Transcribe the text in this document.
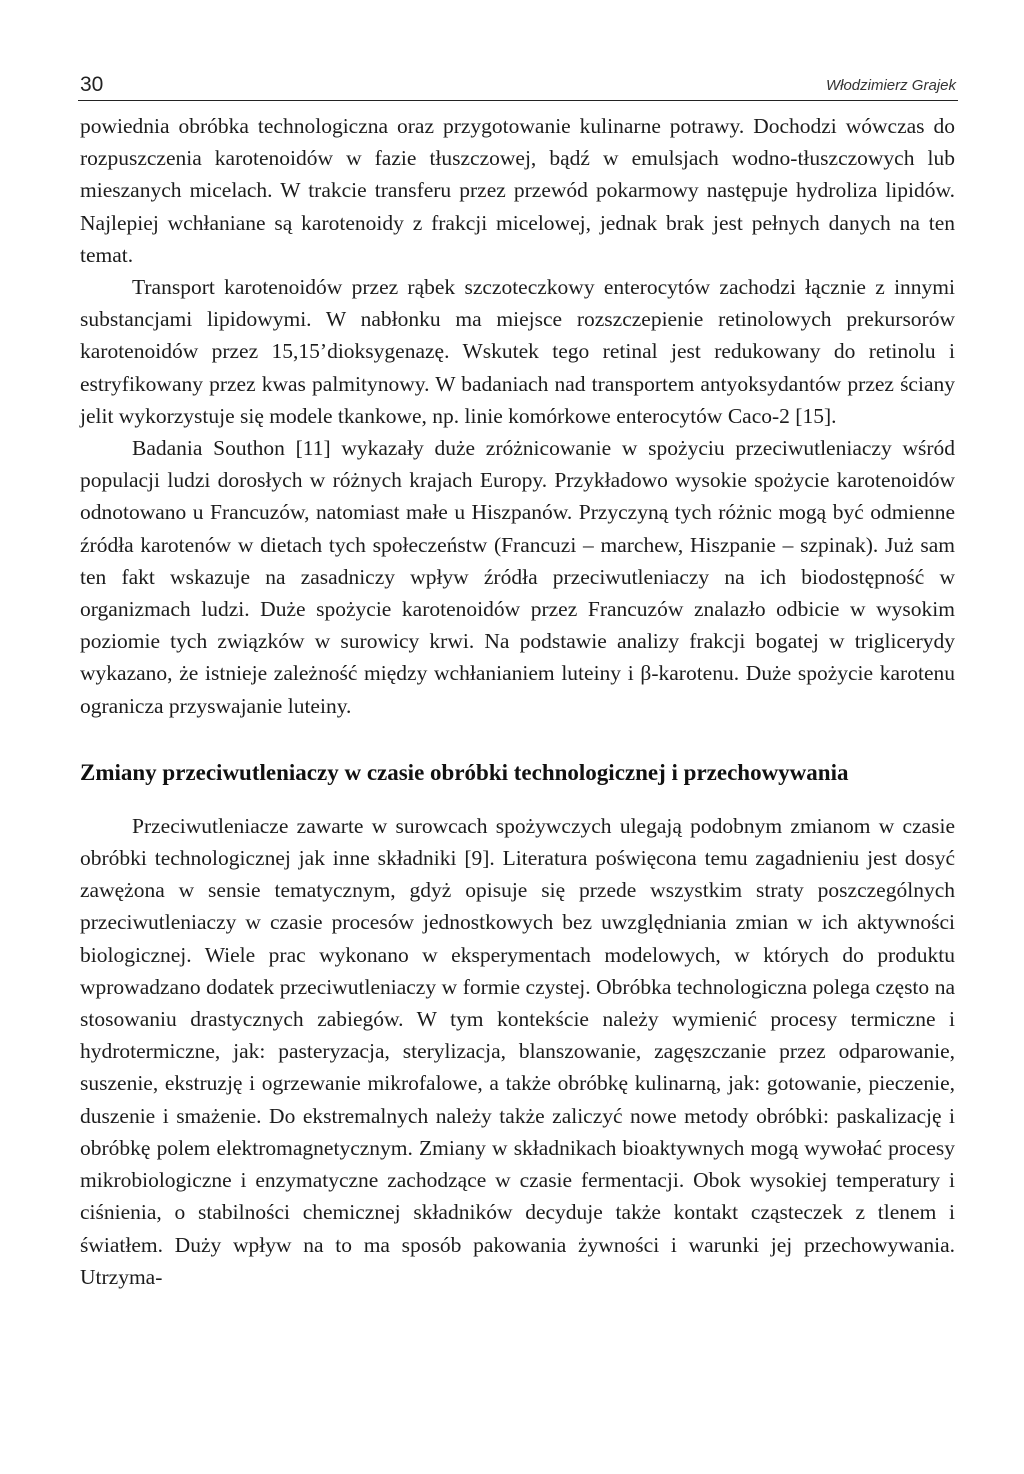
30	Włodzimierz Grajek

powiednia obróbka technologiczna oraz przygotowanie kulinarne potrawy. Dochodzi wówczas do rozpuszczenia karotenoidów w fazie tłuszczowej, bądź w emulsjach wodno-tłuszczowych lub mieszanych micelach. W trakcie transferu przez przewód pokarmowy następuje hydroliza lipidów. Najlepiej wchłaniane są karotenoidy z frakcji micelowej, jednak brak jest pełnych danych na ten temat.

Transport karotenoidów przez rąbek szczoteczkowy enterocytów zachodzi łącznie z innymi substancjami lipidowymi. W nabłonku ma miejsce rozszczepienie retinolowych prekursorów karotenoidów przez 15,15’dioksygenazę. Wskutek tego retinal jest redukowany do retinolu i estryfikowany przez kwas palmitynowy. W badaniach nad transportem antyoksydantów przez ściany jelit wykorzystuje się modele tkankowe, np. linie komórkowe enterocytów Caco-2 [15].

Badania Southon [11] wykazały duże zróżnicowanie w spożyciu przeciwutleniaczy wśród populacji ludzi dorosłych w różnych krajach Europy. Przykładowo wysokie spożycie karotenoidów odnotowano u Francuzów, natomiast małe u Hiszpanów. Przyczyną tych różnic mogą być odmienne źródła karotenów w dietach tych społeczeństw (Francuzi – marchew, Hiszpanie – szpinak). Już sam ten fakt wskazuje na zasadniczy wpływ źródła przeciwutleniaczy na ich biodostępność w organizmach ludzi. Duże spożycie karotenoidów przez Francuzów znalazło odbicie w wysokim poziomie tych związków w surowicy krwi. Na podstawie analizy frakcji bogatej w triglicerydy wykazano, że istnieje zależność między wchłanianiem luteiny i β-karotenu. Duże spożycie karotenu ogranicza przyswajanie luteiny.

Zmiany przeciwutleniaczy w czasie obróbki technologicznej i przechowywania

Przeciwutleniacze zawarte w surowcach spożywczych ulegają podobnym zmianom w czasie obróbki technologicznej jak inne składniki [9]. Literatura poświęcona temu zagadnieniu jest dosyć zawężona w sensie tematycznym, gdyż opisuje się przede wszystkim straty poszczególnych przeciwutleniaczy w czasie procesów jednostkowych bez uwzględniania zmian w ich aktywności biologicznej. Wiele prac wykonano w eksperymentach modelowych, w których do produktu wprowadzano dodatek przeciwutleniaczy w formie czystej. Obróbka technologiczna polega często na stosowaniu drastycznych zabiegów. W tym kontekście należy wymienić procesy termiczne i hydrotermiczne, jak: pasteryzacja, sterylizacja, blanszowanie, zagęszczanie przez odparowanie, suszenie, ekstruzję i ogrzewanie mikrofalowe, a także obróbkę kulinarną, jak: gotowanie, pieczenie, duszenie i smażenie. Do ekstremalnych należy także zaliczyć nowe metody obróbki: paskalizację i obróbkę polem elektromagnetycznym. Zmiany w składnikach bioaktywnych mogą wywołać procesy mikrobiologiczne i enzymatyczne zachodzące w czasie fermentacji. Obok wysokiej temperatury i ciśnienia, o stabilności chemicznej składników decyduje także kontakt cząsteczek z tlenem i światłem. Duży wpływ na to ma sposób pakowania żywności i warunki jej przechowywania. Utrzyma-
